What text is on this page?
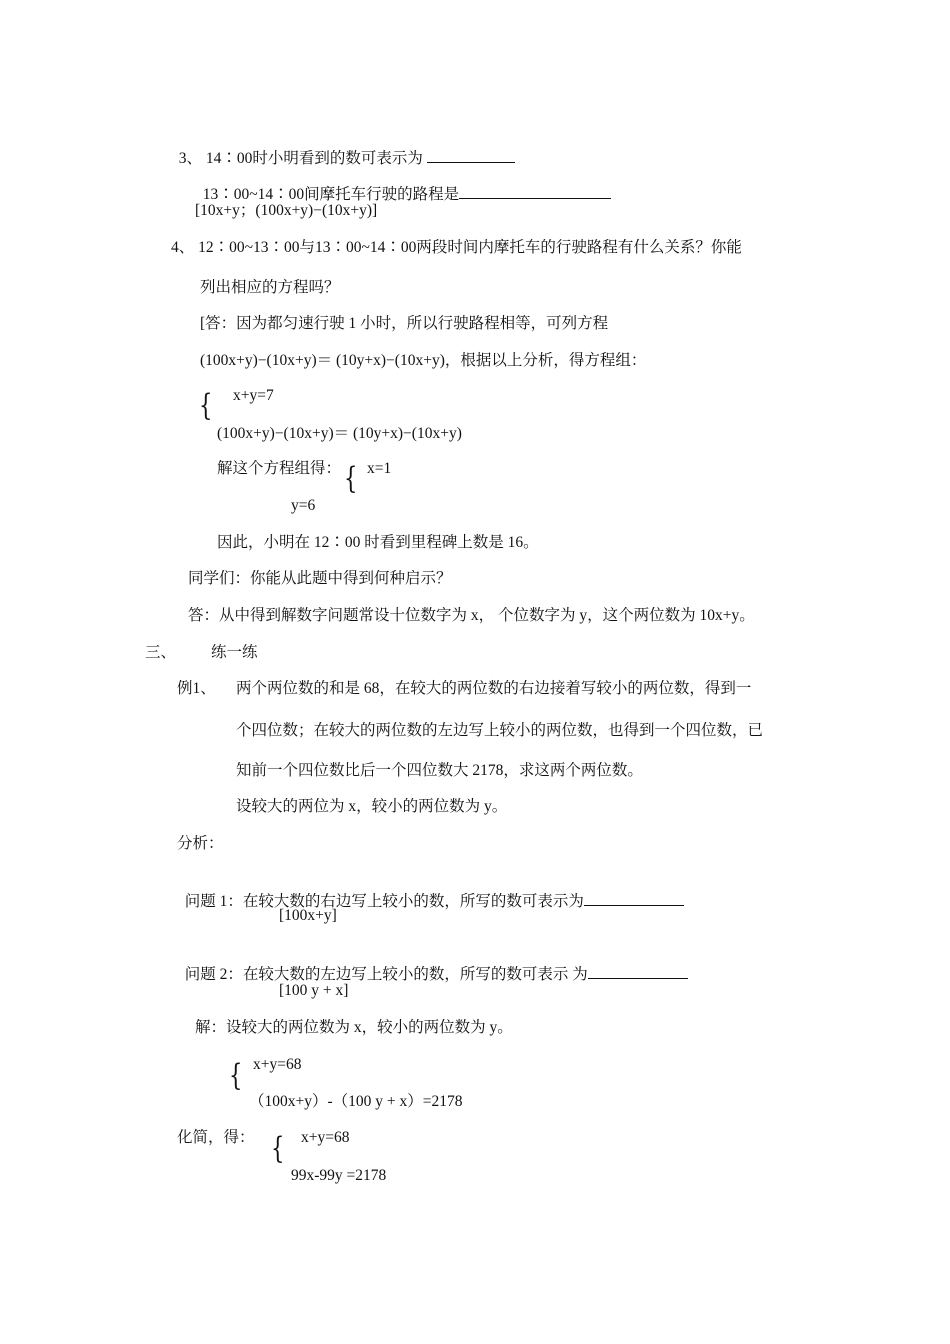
3、 14∶00时小明看到的数可表示为

13∶00~14∶00间摩托车行驶的路程是

[10x+y；(100x+y)−(10x+y)]
4、 12∶00~13∶00与13∶00~14∶00两段时间内摩托车的行驶路程有什么关系？你能
列出相应的方程吗？
[答：因为都匀速行驶 1 小时，所以行驶路程相等，可列方程
(100x+y)−(10x+y)＝ (10y+x)−(10x+y)，根据以上分析，得方程组：
{ x+y=7
(100x+y)−(10x+y)＝ (10y+x)−(10x+y)
解这个方程组得： { x=1
y=6
因此，小明在 12∶00 时看到里程碑上数是 16。
同学们：你能从此题中得到何种启示？
答：从中得到解数字问题常设十位数字为 x， 个位数字为 y，这个两位数为 10x+y。
三、 练一练
例1、 两个两位数的和是 68，在较大的两位数的右边接着写较小的两位数，得到一
个四位数；在较大的两位数的左边写上较小的两位数，也得到一个四位数，已
知前一个四位数比后一个四位数大 2178，求这两个两位数。
设较大的两位为 x，较小的两位数为 y。
分析：

问题 1：在较大数的右边写上较小的数，所写的数可表示为

[100x+y]

问题 2：在较大数的左边写上较小的数，所写的数可表示 为

[100 y + x]
解：设较大的两位数为 x，较小的两位数为 y。
{ x+y=68
（100x+y）-（100 y + x）=2178
化简，得： { x+y=68
99x-99y =2178
